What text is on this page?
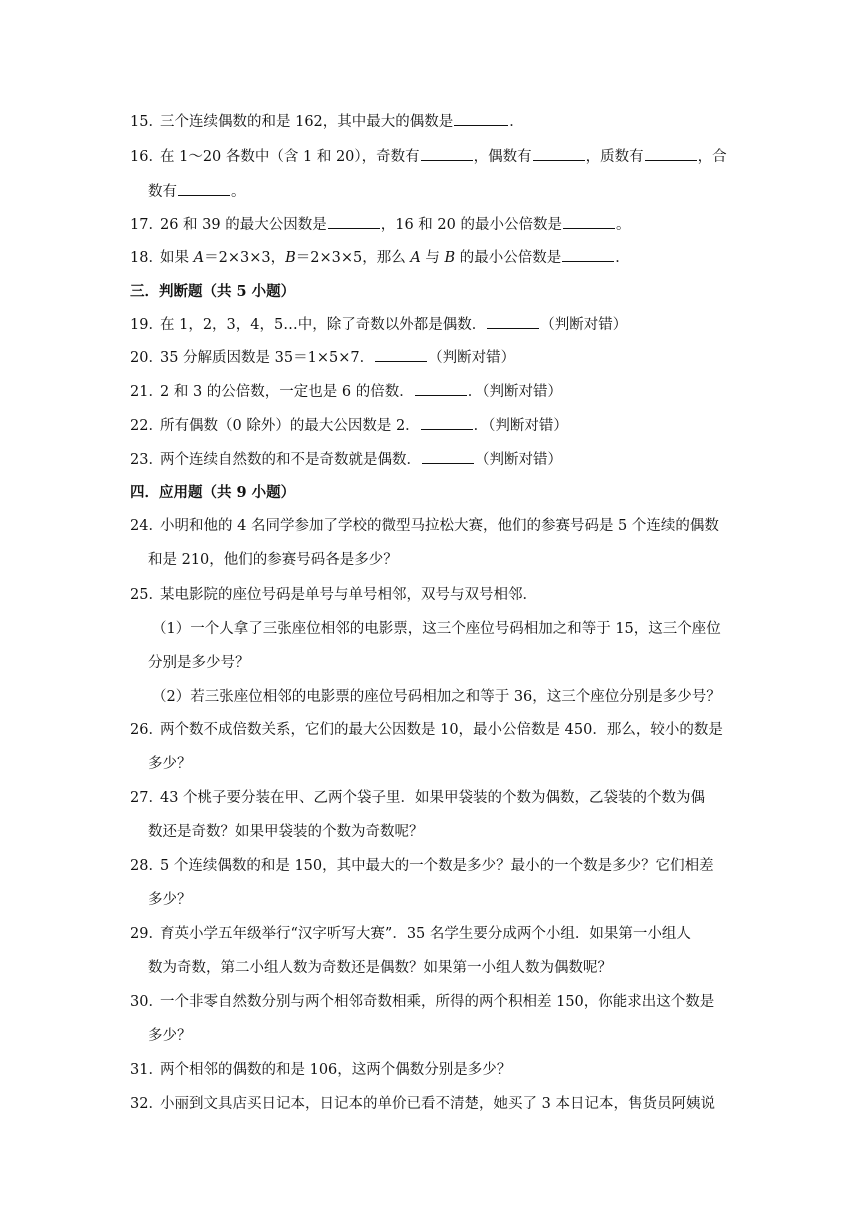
15．
三个连续偶数的和是 162，其中最大的偶数是	．
16．
在 1～20 各数中（含 1 和 20），奇数有	，偶数有	，质数有	，合
数有	。
17．
26 和 39 的最大公因数是	，16 和 20 的最小公倍数是	。
18．
如果 A＝2×3×3，B＝2×3×5，那么 A 与 B 的最小公倍数是	．
三．判断题（共 5 小题）
19．
在 1，2，3，4，5…中，除了奇数以外都是偶数．	（判断对错）
20．
35 分解质因数是 35＝1×5×7．	（判断对错）
21．
2 和 3 的公倍数，一定也是 6 的倍数．	．（判断对错）
22．
所有偶数（0 除外）的最大公因数是 2．	．（判断对错）
23．
两个连续自然数的和不是奇数就是偶数．	（判断对错）
四．应用题（共 9 小题）
24．
小明和他的 4 名同学参加了学校的微型马拉松大赛，他们的参赛号码是 5 个连续的偶数
和是 210，他们的参赛号码各是多少？
25．
某电影院的座位号码是单号与单号相邻，双号与双号相邻．
（1）一个人拿了三张座位相邻的电影票，这三个座位号码相加之和等于 15，这三个座位
分别是多少号？
（2）若三张座位相邻的电影票的座位号码相加之和等于 36，这三个座位分别是多少号？
26．
两个数不成倍数关系，它们的最大公因数是 10，最小公倍数是 450．那么，较小的数是
多少？
27．
43 个桃子要分装在甲、乙两个袋子里．如果甲袋装的个数为偶数，乙袋装的个数为偶
数还是奇数？如果甲袋装的个数为奇数呢？
28．
5 个连续偶数的和是 150，其中最大的一个数是多少？最小的一个数是多少？它们相差
多少？
29．
育英小学五年级举行“汉字听写大赛”．35 名学生要分成两个小组．如果第一小组人
数为奇数，第二小组人数为奇数还是偶数？如果第一小组人数为偶数呢？
30．
一个非零自然数分别与两个相邻奇数相乘，所得的两个积相差 150，你能求出这个数是
多少？
31．
两个相邻的偶数的和是 106，这两个偶数分别是多少？
32．
小丽到文具店买日记本，日记本的单价已看不清楚，她买了 3 本日记本，售货员阿姨说
